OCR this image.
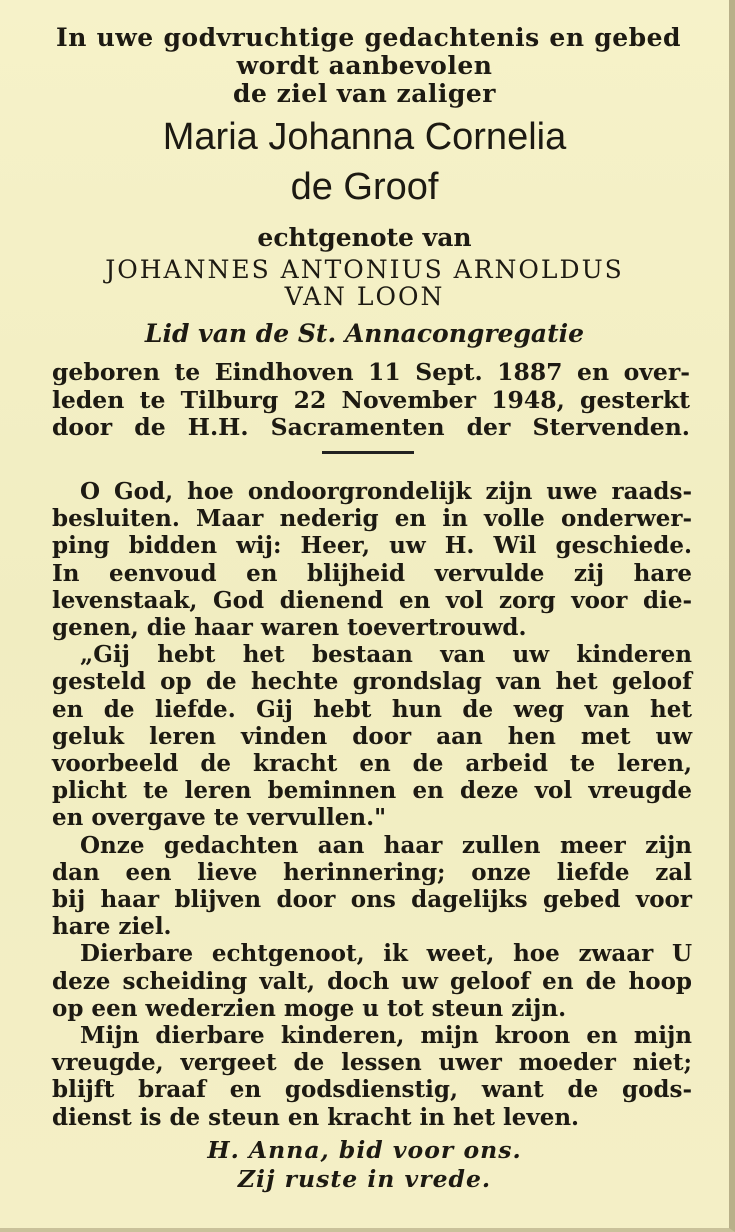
In uwe godvruchtige gedachtenis en gebed
wordt aanbevolen
de ziel van zaliger
Maria Johanna Cornelia
de Groof
echtgenote van
JOHANNES ANTONIUS ARNOLDUS
VAN LOON
Lid van de St. Annacongregatie
geboren te Eindhoven 11 Sept. 1887 en over-
leden te Tilburg 22 November 1948, gesterkt
door de H.H. Sacramenten der Stervenden.
O God, hoe ondoorgrondelijk zijn uwe raads-
besluiten. Maar nederig en in volle onderwer-
ping bidden wij: Heer, uw H. Wil geschiede.
In eenvoud en blijheid vervulde zij hare
levenstaak, God dienend en vol zorg voor die-
genen, die haar waren toevertrouwd.
„Gij hebt het bestaan van uw kinderen
gesteld op de hechte grondslag van het geloof
en de liefde. Gij hebt hun de weg van het
geluk leren vinden door aan hen met uw
voorbeeld de kracht en de arbeid te leren,
plicht te leren beminnen en deze vol vreugde
en overgave te vervullen."
Onze gedachten aan haar zullen meer zijn
dan een lieve herinnering; onze liefde zal
bij haar blijven door ons dagelijks gebed voor
hare ziel.
Dierbare echtgenoot, ik weet, hoe zwaar U
deze scheiding valt, doch uw geloof en de hoop
op een wederzien moge u tot steun zijn.
Mijn dierbare kinderen, mijn kroon en mijn
vreugde, vergeet de lessen uwer moeder niet;
blijft braaf en godsdienstig, want de gods-
dienst is de steun en kracht in het leven.
H. Anna, bid voor ons.
Zij ruste in vrede.
